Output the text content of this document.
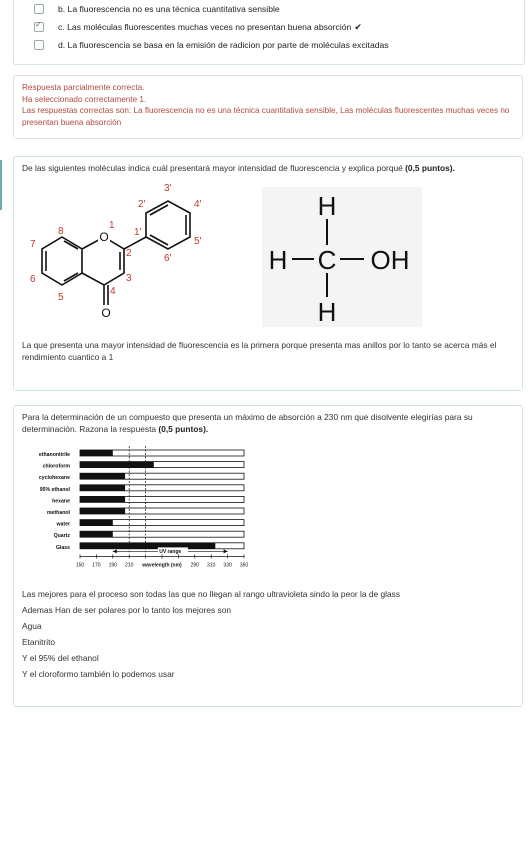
b. La fluorescencia no es una técnica cuantitativa sensible
✓
c. Las moléculas fluorescentes muchas veces no presentan buena absorción ✔
d. La fluorescencia se basa en la emisión de radicion por parte de moléculas excitadas

Respuesta parcialmente correcta.

Ha seleccionado correctamente 1.

Las respuestas correctas son: La fluorescencia no es una técnica cuantitativa sensible, Las moléculas fluorescentes muchas veces no presentan buena absorción

De las siguientes moléculas indica cuál presentará mayor intensidad de fluorescencia y explica porqué (0,5 puntos).
O
O
1
2
3
4
5
6
7
8	1'
2'
3'
4'
5'
6'
H
H C OH
H
La que presenta una mayor intensidad de fluorescencia es la primera porque presenta mas anillos por lo tanto se acerca más el rendimiento cuantico a 1
Para la determinación de un compuesto que presenta un máximo de absorción a 230 nm que disolvente elegirías para su determinación. Razona la respuesta (0,5 puntos).
ethanonitrile
chloroform
cyclohexane
95% ethanol
hexane
methanol
water
Quartz
Glass
150 170 190 210 wavelength (nm) 290 310 330 350
UV range
Las mejores para el proceso son todas las que no llegan al rango ultravioleta sindo la peor la de glass
Ademas Han de ser polares por lo tanto los mejores son
Agua
Etanitrito
Y el 95% del ethanol
Y el cloroformo también lo podemos usar
